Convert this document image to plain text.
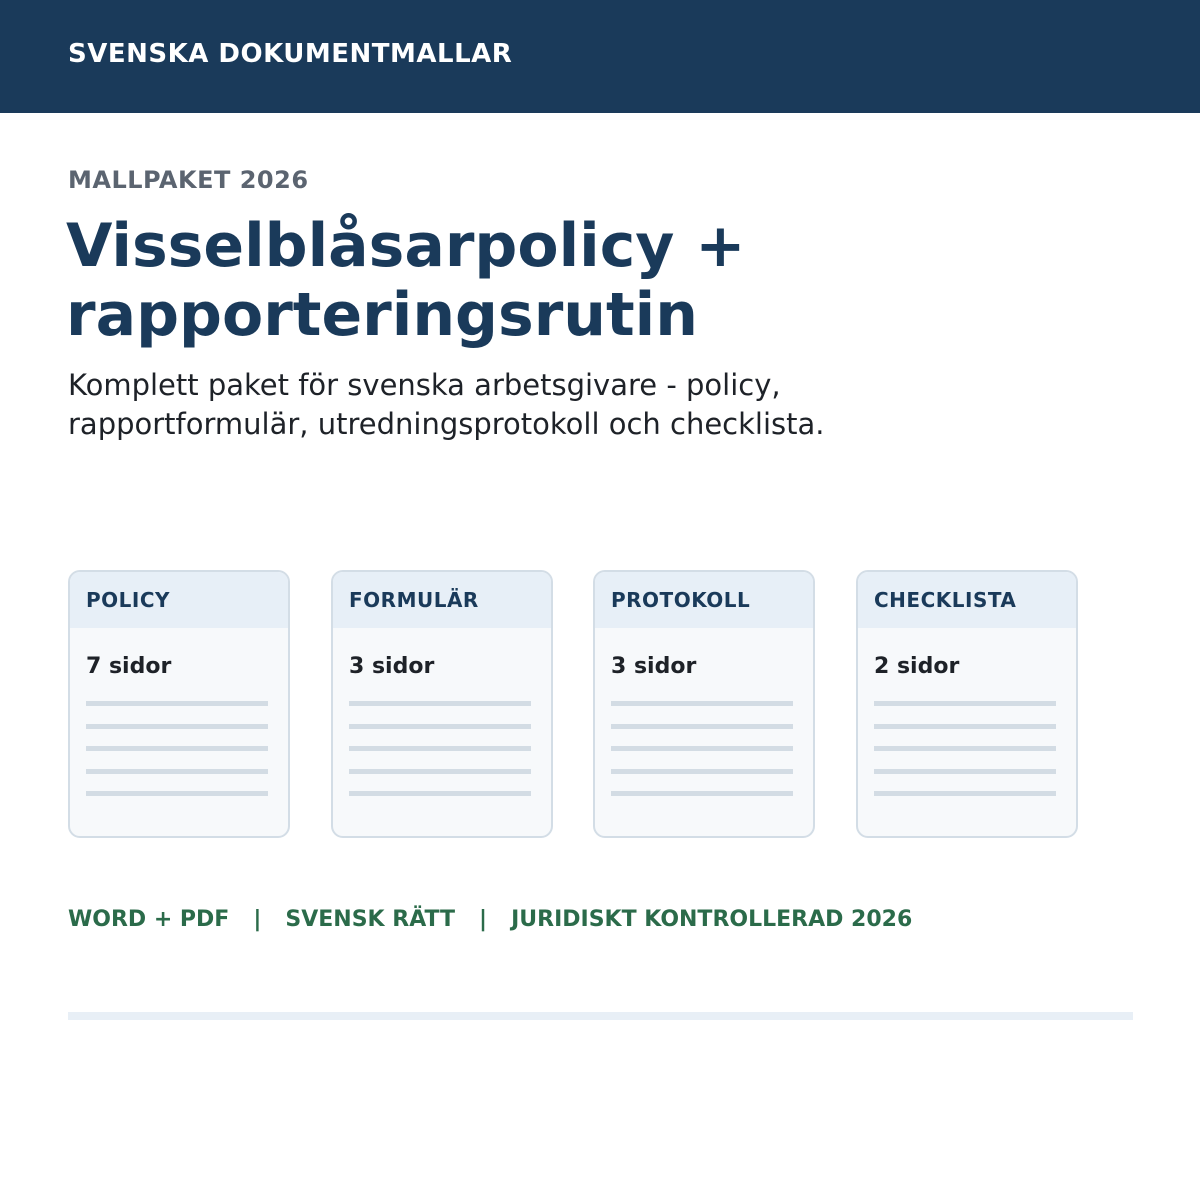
SVENSKA DOKUMENTMALLAR
MALLPAKET 2026
Visselblåsarpolicy +
rapporteringsrutin
Komplett paket för svenska arbetsgivare - policy,
rapportformulär, utredningsprotokoll och checklista.
POLICY
7 sidor
FORMULÄR
3 sidor
PROTOKOLL
3 sidor
CHECKLISTA
2 sidor
WORD + PDF | SVENSK RÄTT | JURIDISKT KONTROLLERAD 2026
